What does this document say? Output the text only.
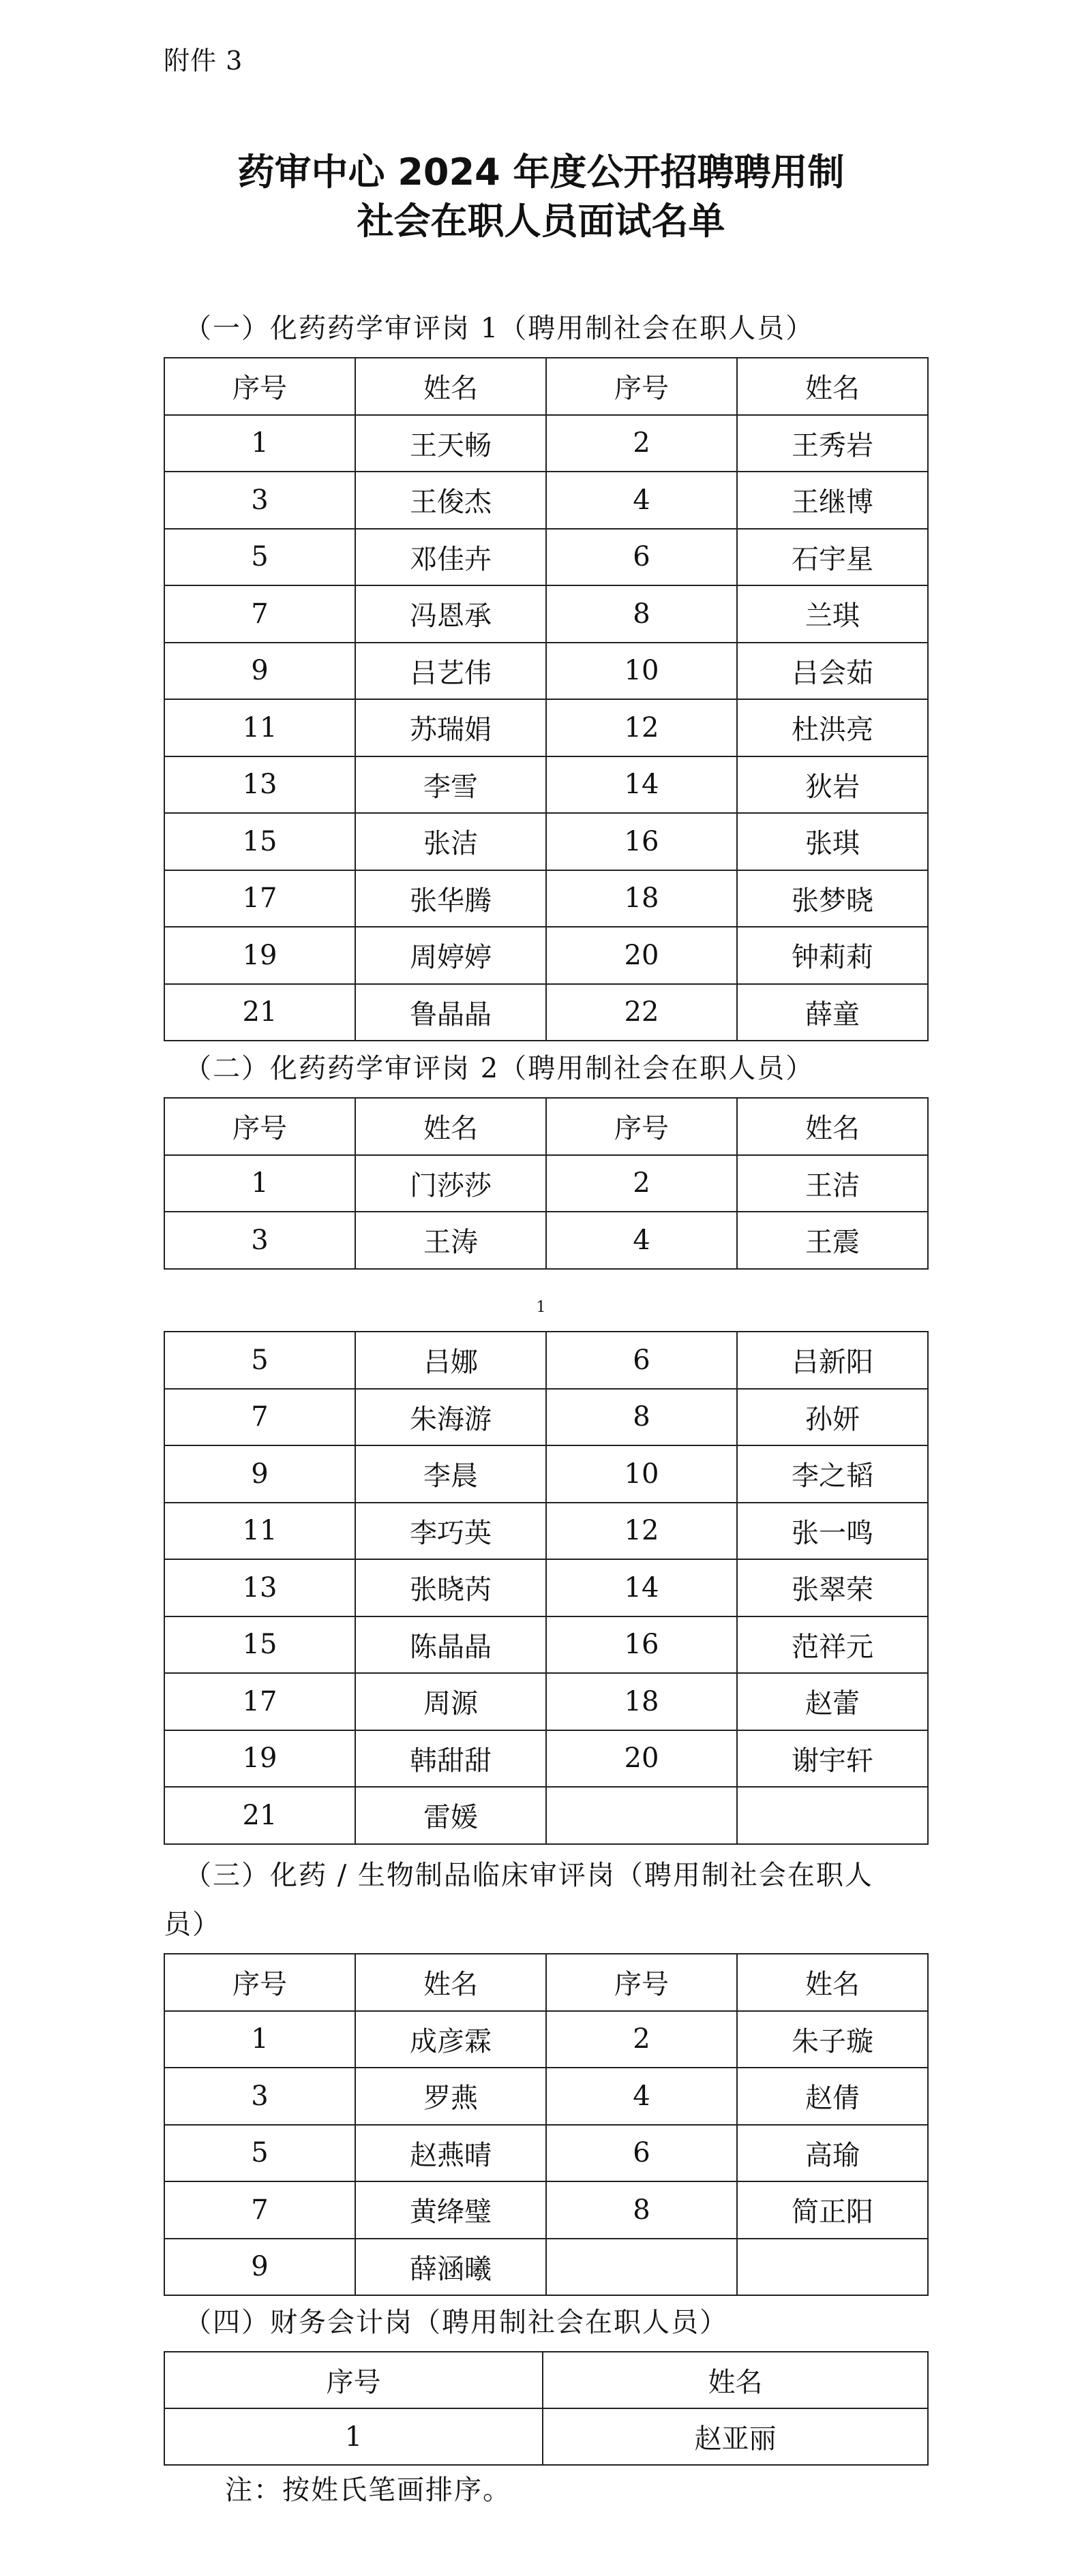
附件 3
药审中心 2024 年度公开招聘聘用制
社会在职人员面试名单
（一）化药药学审评岗 1（聘用制社会在职人员）
序号	姓名	序号	姓名
1	王天畅	2	王秀岩
3	王俊杰	4	王继博
5	邓佳卉	6	石宇星
7	冯恩承	8	兰琪
9	吕艺伟	10	吕会茹
11	苏瑞娟	12	杜洪亮
13	李雪	14	狄岩
15	张洁	16	张琪
17	张华腾	18	张梦晓
19	周婷婷	20	钟莉莉
21	鲁晶晶	22	薛童
（二）化药药学审评岗 2（聘用制社会在职人员）
序号	姓名	序号	姓名
1	门莎莎	2	王洁
3	王涛	4	王震
1
5	吕娜	6	吕新阳
7	朱海游	8	孙妍
9	李晨	10	李之韬
11	李巧英	12	张一鸣
13	张晓芮	14	张翠荣
15	陈晶晶	16	范祥元
17	周源	18	赵蕾
19	韩甜甜	20	谢宇轩
21	雷媛		
（三）化药 / 生物制品临床审评岗（聘用制社会在职人
员）
序号	姓名	序号	姓名
1	成彦霖	2	朱子璇
3	罗燕	4	赵倩
5	赵燕晴	6	高瑜
7	黄绛璧	8	简正阳
9	薛涵曦		
（四）财务会计岗（聘用制社会在职人员）
序号	姓名
1	赵亚丽
注：按姓氏笔画排序。
